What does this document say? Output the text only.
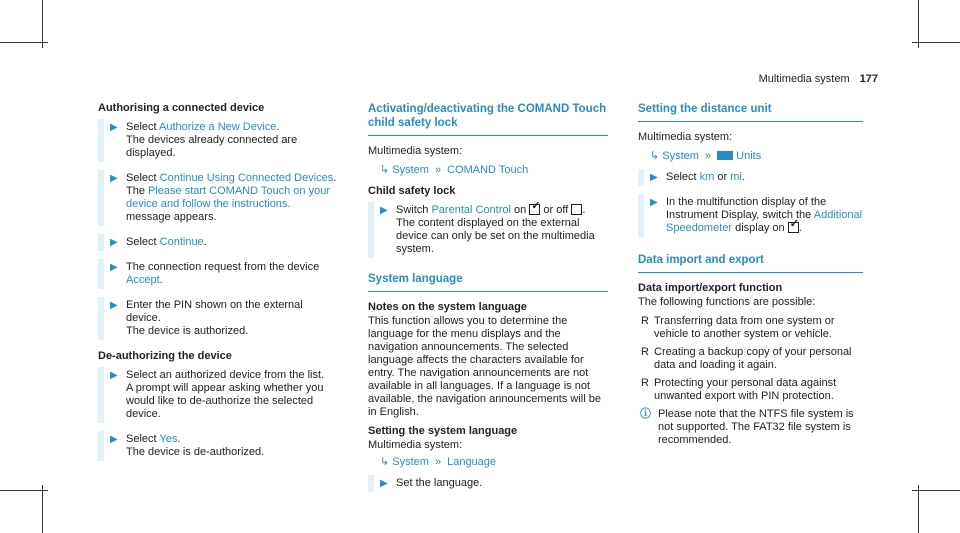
Multimedia system 177
Authorising a connected device
▶ Select Authorize a New Device.
The devices already connected are displayed.
▶ Select Continue Using Connected Devices.
The Please start COMAND Touch on your device and follow the instructions. message appears.
▶ Select Continue.
▶ The connection request from the device Accept.
▶ Enter the PIN shown on the external device.
The device is authorized.
De-authorizing the device
▶ Select an authorized device from the list.
A prompt will appear asking whether you would like to de-authorize the selected device.
▶ Select Yes.
The device is de-authorized.
Activating/deactivating the COMAND Touch child safety lock
Multimedia system:
↳ System » COMAND Touch
Child safety lock
▶ Switch Parental Control on ✓ or off .
The content displayed on the external device can only be set on the multimedia system.
System language
Notes on the system language
This function allows you to determine the language for the menu displays and the navigation announcements. The selected language affects the characters available for entry. The navigation announcements are not available in all languages. If a language is not available, the navigation announcements will be in English.
Setting the system language
Multimedia system:
↳ System » Language
▶ Set the language.
Setting the distance unit
Multimedia system:
↳ System » Units
▶ Select km or mi.
▶ In the multifunction display of the Instrument Display, switch the Additional Speedometer display on ✓.
Data import and export
Data import/export function
The following functions are possible:
R Transferring data from one system or vehicle to another system or vehicle.
R Creating a backup copy of your personal data and loading it again.
R Protecting your personal data against unwanted export with PIN protection.
ⓘ Please note that the NTFS file system is not supported. The FAT32 file system is recommended.
